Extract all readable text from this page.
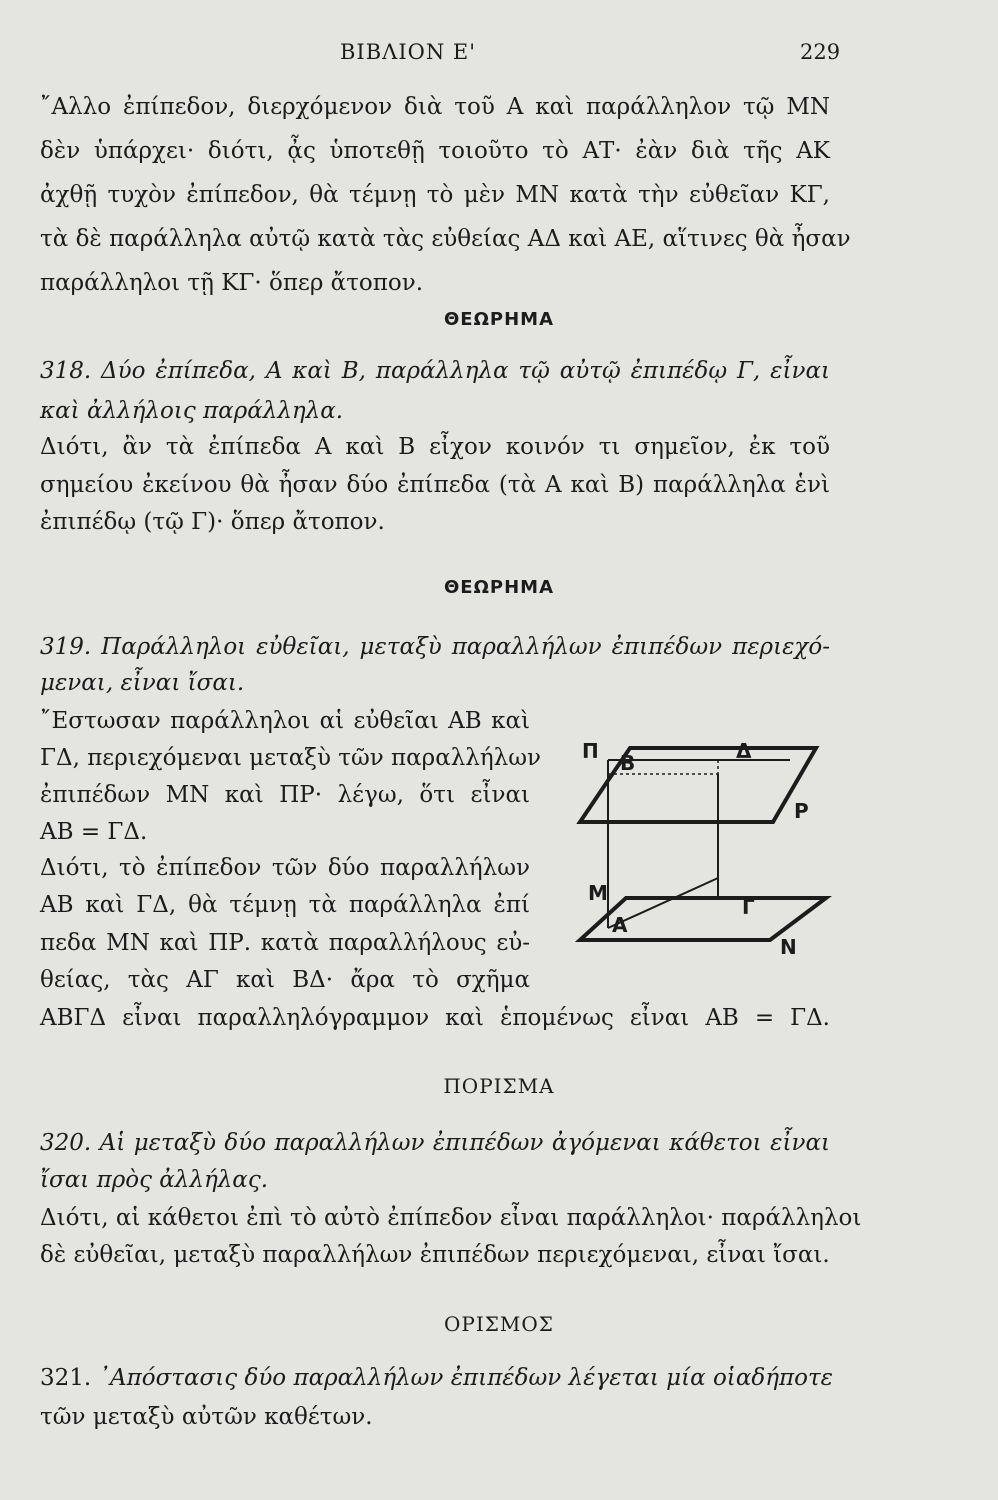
ΒΙΒΛΙΟΝ Ε'	229
῎Αλλο ἐπίπεδον, διερχόμενον διὰ τοῦ Α καὶ παράλληλον τῷ ΜΝ
δὲν ὑπάρχει· διότι, ᾆς ὑποτεθῇ τοιοῦτο τὸ ΑΤ· ἐὰν διὰ τῆς ΑΚ
ἀχθῇ τυχὸν ἐπίπεδον, θὰ τέμνῃ τὸ μὲν ΜΝ κατὰ τὴν εὐθεῖαν ΚΓ,
τὰ δὲ παράλληλα αὐτῷ κατὰ τὰς εὐθείας ΑΔ καὶ ΑΕ, αἵτινες θὰ ἦσαν
παράλληλοι τῇ ΚΓ· ὅπερ ἄτοπον.
ΘΕΩΡΗΜΑ
318. Δύο ἐπίπεδα, Α καὶ Β, παράλληλα τῷ αὐτῷ ἐπιπέδῳ Γ, εἶναι
καὶ ἀλλήλοις παράλληλα.
Διότι, ἂν τὰ ἐπίπεδα Α καὶ Β εἶχον κοινόν τι σημεῖον, ἐκ τοῦ
σημείου ἐκείνου θὰ ἦσαν δύο ἐπίπεδα (τὰ Α καὶ Β) παράλληλα ἑνὶ
ἐπιπέδῳ (τῷ Γ)· ὅπερ ἄτοπον.
ΘΕΩΡΗΜΑ
319. Παράλληλοι εὐθεῖαι, μεταξὺ παραλλήλων ἐπιπέδων περιεχό-
μεναι, εἶναι ἴσαι.
῎Εστωσαν παράλληλοι αἱ εὐθεῖαι ΑΒ καὶ
ΓΔ, περιεχόμεναι μεταξὺ τῶν παραλλήλων
ἐπιπέδων ΜΝ καὶ ΠΡ· λέγω, ὅτι εἶναι
ΑΒ = ΓΔ.
Διότι, τὸ ἐπίπεδον τῶν δύο παραλλήλων
ΑΒ καὶ ΓΔ, θὰ τέμνῃ τὰ παράλληλα ἐπί
πεδα ΜΝ καὶ ΠΡ. κατὰ παραλλήλους εὐ-
θείας, τὰς ΑΓ καὶ ΒΔ· ἄρα τὸ σχῆμα
ΑΒΓΔ εἶναι παραλληλόγραμμον καὶ ἑπομένως εἶναι ΑΒ = ΓΔ.
Π Β	Δ
Ρ
Μ
Α
Γ
Ν
ΠΟΡΙΣΜΑ
320. Αἱ μεταξὺ δύο παραλλήλων ἐπιπέδων ἀγόμεναι κάθετοι εἶναι
ἴσαι πρὸς ἀλλήλας.
Διότι, αἱ κάθετοι ἐπὶ τὸ αὐτὸ ἐπίπεδον εἶναι παράλληλοι· παράλληλοι
δὲ εὐθεῖαι, μεταξὺ παραλλήλων ἐπιπέδων περιεχόμεναι, εἶναι ἴσαι.
ΟΡΙΣΜΟΣ
321. ᾿Απόστασις δύο παραλλήλων ἐπιπέδων λέγεται μία οἱαδήποτε
τῶν μεταξὺ αὐτῶν καθέτων.
